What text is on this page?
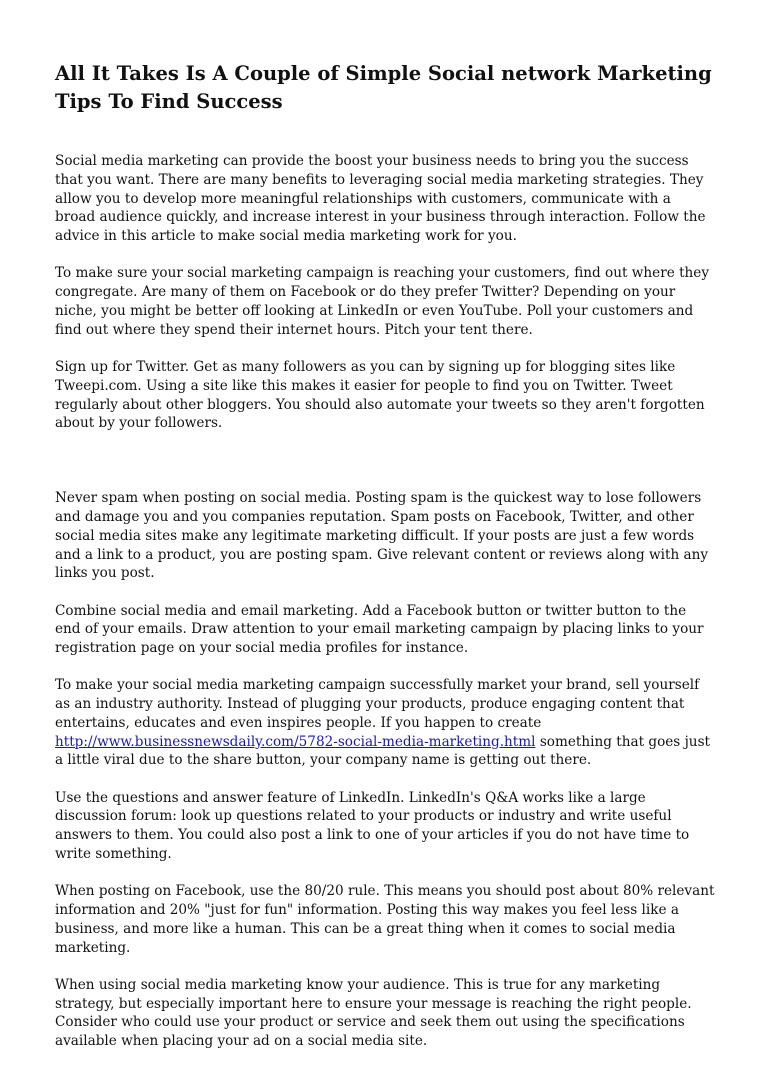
All It Takes Is A Couple of Simple Social network Marketing Tips To Find Success

Social media marketing can provide the boost your business needs to bring you the success that you want. There are many benefits to leveraging social media marketing strategies. They allow you to develop more meaningful relationships with customers, communicate with a broad audience quickly, and increase interest in your business through interaction. Follow the advice in this article to make social media marketing work for you.

To make sure your social marketing campaign is reaching your customers, find out where they congregate. Are many of them on Facebook or do they prefer Twitter? Depending on your niche, you might be better off looking at LinkedIn or even YouTube. Poll your customers and find out where they spend their internet hours. Pitch your tent there.

Sign up for Twitter. Get as many followers as you can by signing up for blogging sites like Tweepi.com. Using a site like this makes it easier for people to find you on Twitter. Tweet regularly about other bloggers. You should also automate your tweets so they aren't forgotten about by your followers.

Never spam when posting on social media. Posting spam is the quickest way to lose followers and damage you and you companies reputation. Spam posts on Facebook, Twitter, and other social media sites make any legitimate marketing difficult. If your posts are just a few words and a link to a product, you are posting spam. Give relevant content or reviews along with any links you post.

Combine social media and email marketing. Add a Facebook button or twitter button to the end of your emails. Draw attention to your email marketing campaign by placing links to your registration page on your social media profiles for instance.

To make your social media marketing campaign successfully market your brand, sell yourself as an industry authority. Instead of plugging your products, produce engaging content that entertains, educates and even inspires people. If you happen to create http://www.businessnewsdaily.com/5782-social-media-marketing.html something that goes just a little viral due to the share button, your company name is getting out there.

Use the questions and answer feature of LinkedIn. LinkedIn's Q&A works like a large discussion forum: look up questions related to your products or industry and write useful answers to them. You could also post a link to one of your articles if you do not have time to write something.

When posting on Facebook, use the 80/20 rule. This means you should post about 80% relevant information and 20% "just for fun" information. Posting this way makes you feel less like a business, and more like a human. This can be a great thing when it comes to social media marketing.

When using social media marketing know your audience. This is true for any marketing strategy, but especially important here to ensure your message is reaching the right people. Consider who could use your product or service and seek them out using the specifications available when placing your ad on a social media site.
